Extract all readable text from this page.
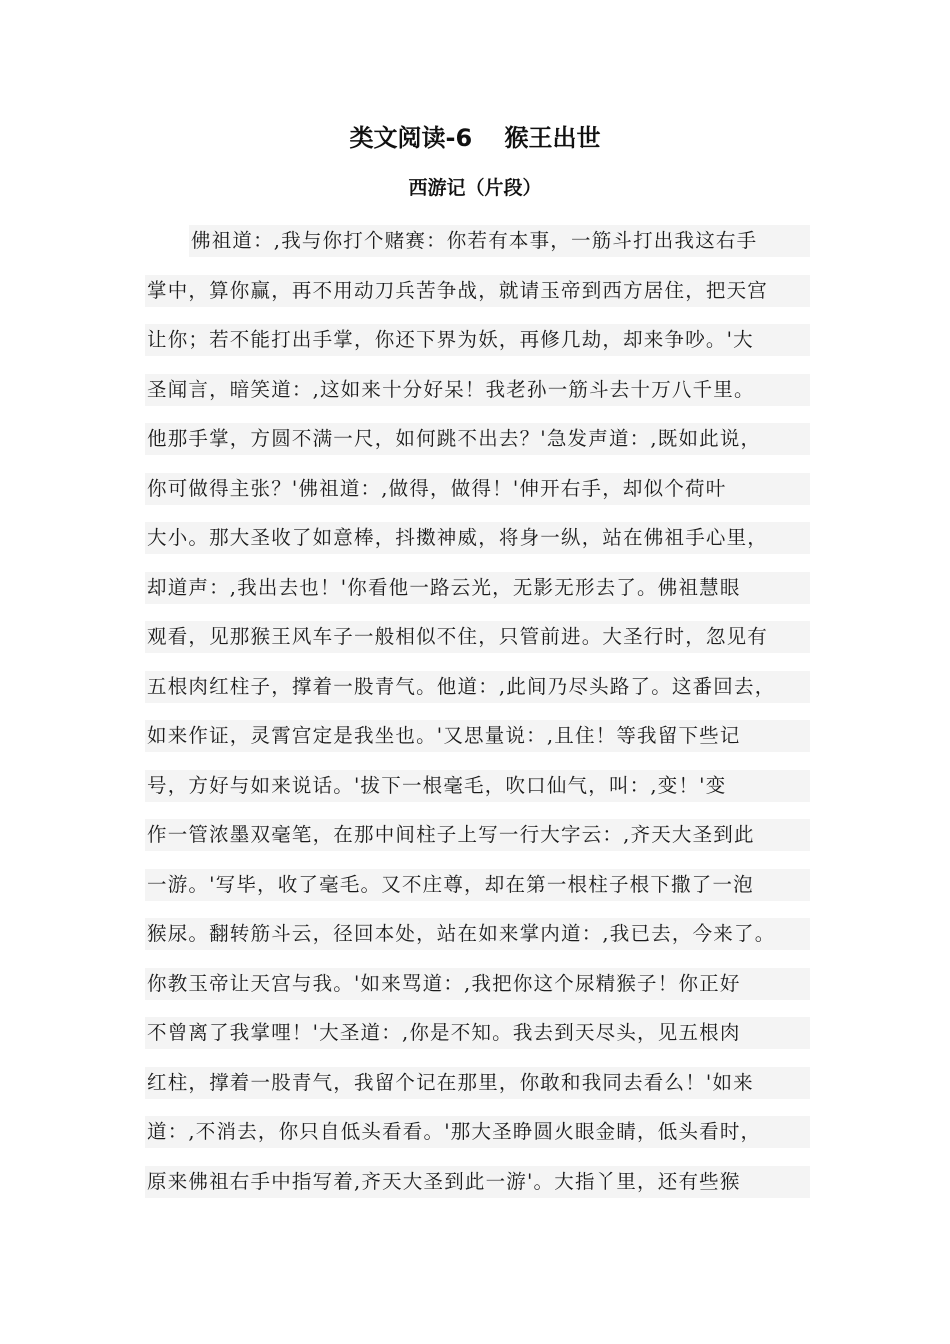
类文阅读-6　 猴王出世
西游记（片段）
佛祖道：,我与你打个赌赛：你若有本事，一筋斗打出我这右手
掌中，算你赢，再不用动刀兵苦争战，就请玉帝到西方居住，把天宫
让你；若不能打出手掌，你还下界为妖，再修几劫，却来争吵。'大
圣闻言，暗笑道：,这如来十分好呆！我老孙一筋斗去十万八千里。
他那手掌，方圆不满一尺，如何跳不出去？'急发声道：,既如此说，
你可做得主张？'佛祖道：,做得，做得！'伸开右手，却似个荷叶
大小。那大圣收了如意棒，抖擞神威，将身一纵，站在佛祖手心里，
却道声：,我出去也！'你看他一路云光，无影无形去了。佛祖慧眼
观看，见那猴王风车子一般相似不住，只管前进。大圣行时，忽见有
五根肉红柱子，撑着一股青气。他道：,此间乃尽头路了。这番回去，
如来作证，灵霄宫定是我坐也。'又思量说：,且住！等我留下些记
号，方好与如来说话。'拔下一根毫毛，吹口仙气，叫：,变！'变
作一管浓墨双毫笔，在那中间柱子上写一行大字云：,齐天大圣到此
一游。'写毕，收了毫毛。又不庄尊，却在第一根柱子根下撒了一泡
猴尿。翻转筋斗云，径回本处，站在如来掌内道：,我已去，今来了。
你教玉帝让天宫与我。'如来骂道：,我把你这个尿精猴子！你正好
不曾离了我掌哩！'大圣道：,你是不知。我去到天尽头，见五根肉
红柱，撑着一股青气，我留个记在那里，你敢和我同去看么！'如来
道：,不消去，你只自低头看看。'那大圣睁圆火眼金睛，低头看时，
原来佛祖右手中指写着,齐天大圣到此一游'。大指丫里，还有些猴
